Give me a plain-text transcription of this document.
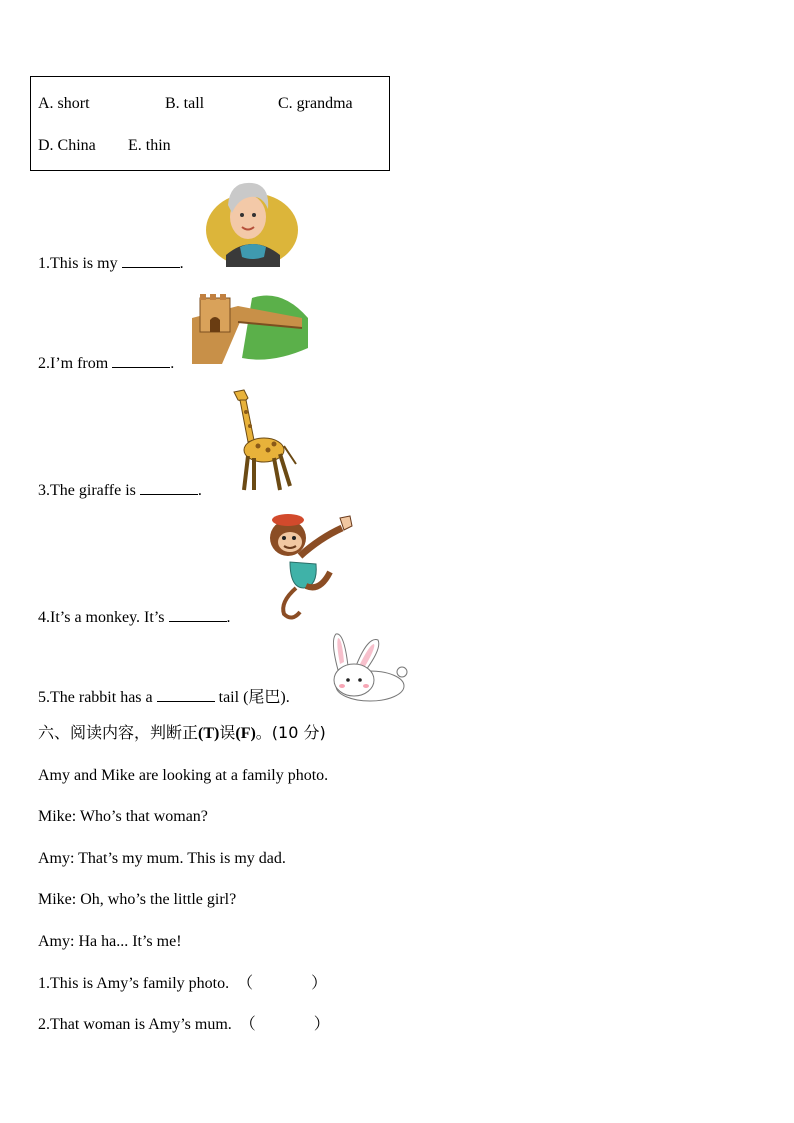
A. short	B. tall	C. grandma
D. China E. thin
1.This is my	.
2.I’m from	.
3.The giraffe is	.
4.It’s a monkey. It’s	.
5.The rabbit has a	tail (尾巴).
六、阅读内容，判断正(T)误(F)。(10 分)
Amy and Mike are looking at a family photo.
Mike: Who’s that woman?
Amy: That’s my mum. This is my dad.
Mike: Oh, who’s the little girl?
Amy: Ha ha... It’s me!
1.This is Amy’s family photo. （	）
2.That woman is Amy’s mum. （	）
